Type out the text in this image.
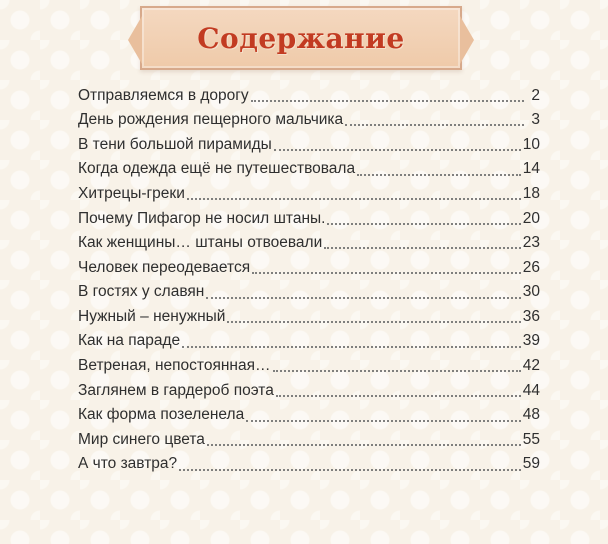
Содержание
Отправляемся в дорогу	2
День рождения пещерного мальчика	3
В тени большой пирамиды	10
Когда одежда ещё не путешествовала	14
Хитрецы-греки	18
Почему Пифагор не носил штаны.	20
Как женщины… штаны отвоевали	23
Человек переодевается	26
В гостях у славян	30
Нужный – ненужный	36
Как на параде	39
Ветреная, непостоянная…	42
Заглянем в гардероб поэта	44
Как форма позеленела	48
Мир синего цвета	55
А что завтра?	59
